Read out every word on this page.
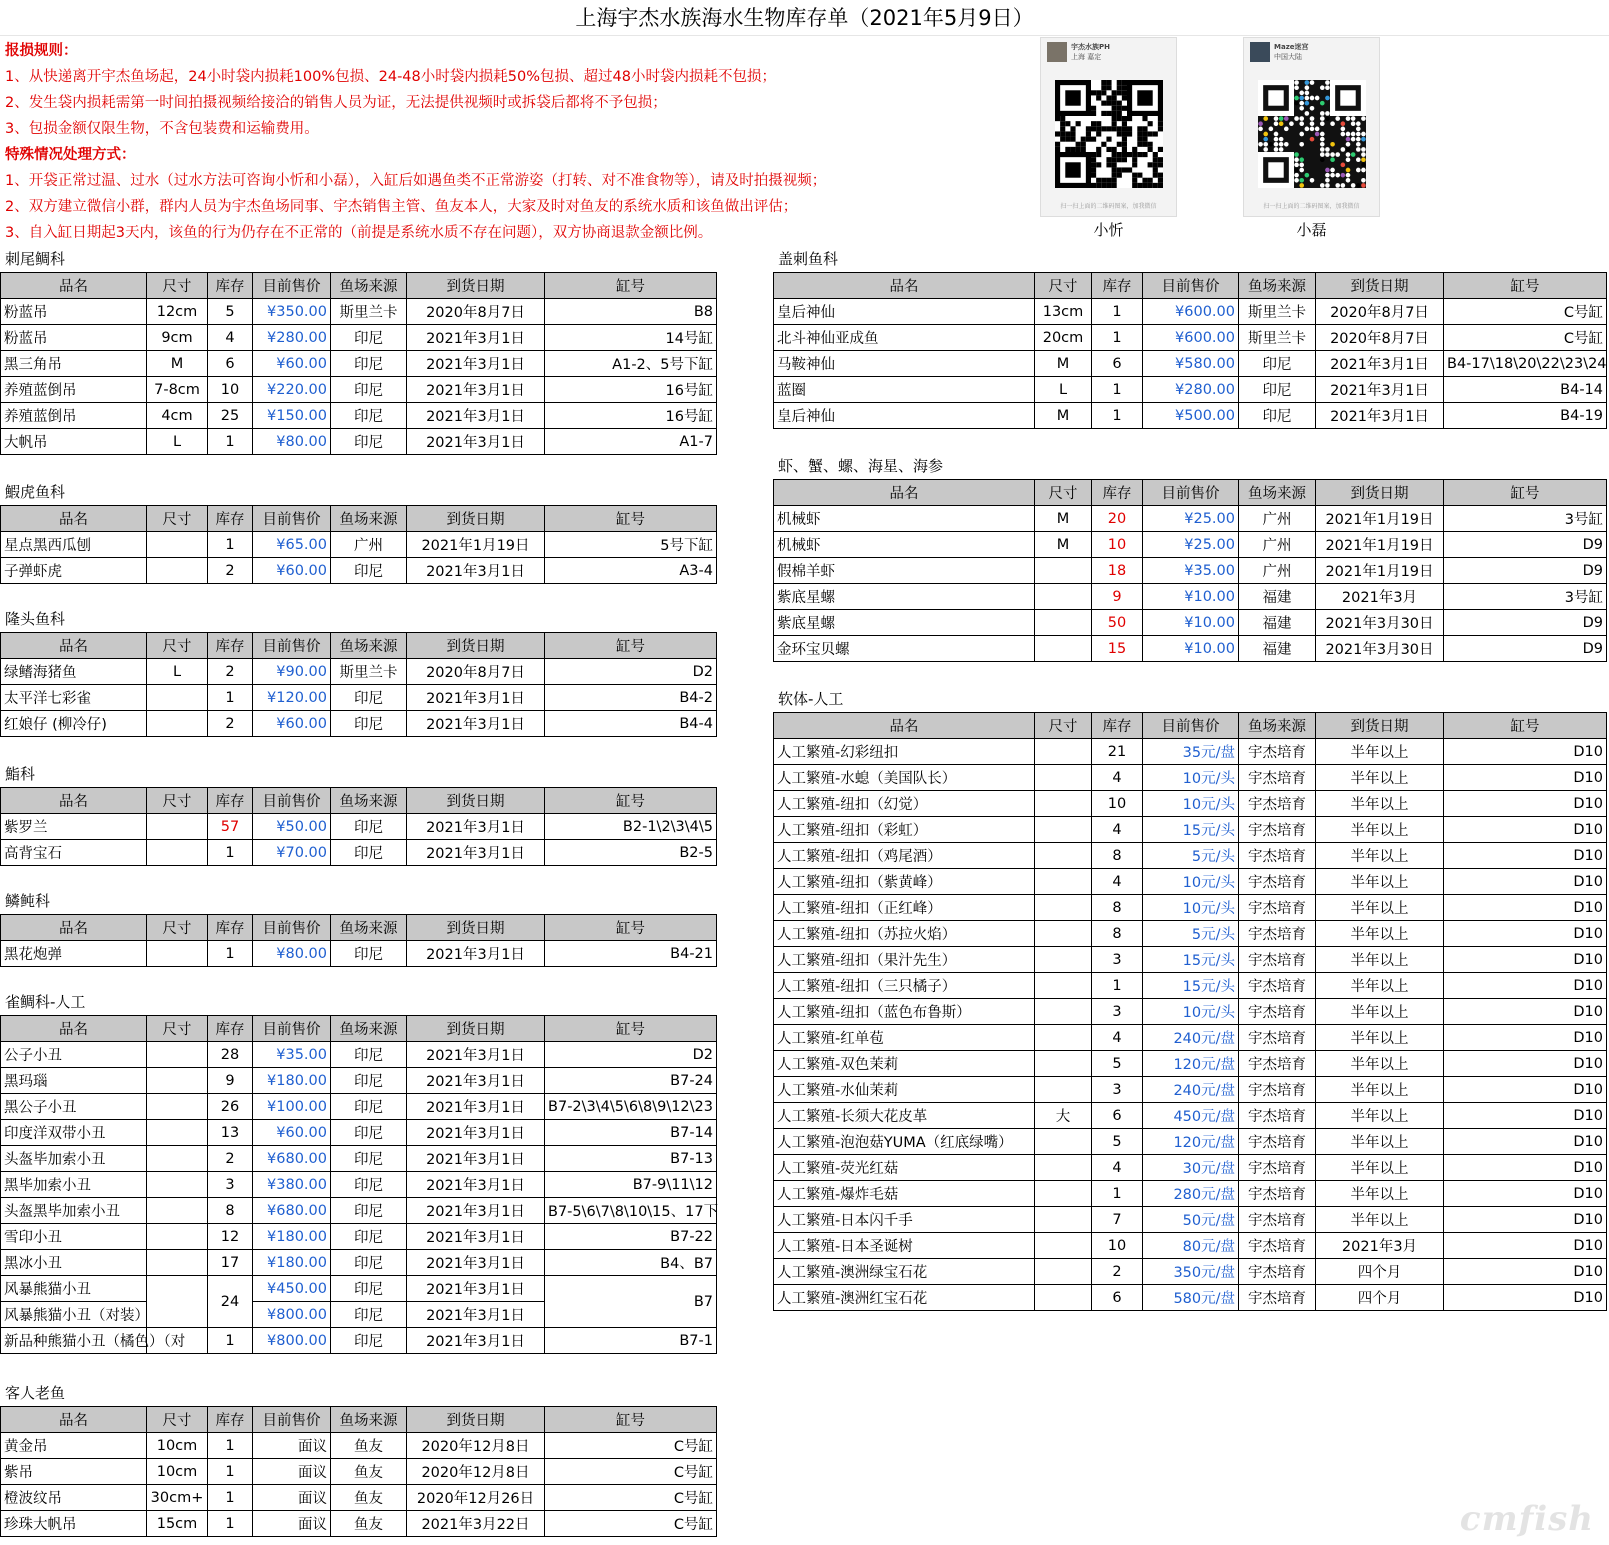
上海宇杰水族海水生物库存单（2021年5月9日）
报损规则：
1、从快递离开宇杰鱼场起，24小时袋内损耗100%包损、24-48小时袋内损耗50%包损、超过48小时袋内损耗不包损；
2、发生袋内损耗需第一时间拍摄视频给接洽的销售人员为证，无法提供视频时或拆袋后都将不予包损；
3、包损金额仅限生物，不含包装费和运输费用。
特殊情况处理方式：
1、开袋正常过温、过水（过水方法可咨询小忻和小磊），入缸后如遇鱼类不正常游姿（打转、对不准食物等），请及时拍摄视频；
2、双方建立微信小群，群内人员为宇杰鱼场同事、宇杰销售主管、鱼友本人，大家及时对鱼友的系统水质和该鱼做出评估；
3、自入缸日期起3天内，该鱼的行为仍存在不正常的（前提是系统水质不存在问题），双方协商退款金额比例。
宇杰水族PH
上海 嘉定
扫一扫上面的二维码图案，加我微信
Maze迷宫
中国大陆
扫一扫上面的二维码图案，加我微信
小忻	小磊
刺尾鲷科
品名	尺寸	库存	目前售价	鱼场来源	到货日期	缸号
粉蓝吊	12cm	5	¥350.00	斯里兰卡	2020年8月7日	B8
粉蓝吊	9cm	4	¥280.00	印尼	2021年3月1日	14号缸
黑三角吊	M	6	¥60.00	印尼	2021年3月1日	A1-2、5号下缸
养殖蓝倒吊	7-8cm	10	¥220.00	印尼	2021年3月1日	16号缸
养殖蓝倒吊	4cm	25	¥150.00	印尼	2021年3月1日	16号缸
大帆吊	L	1	¥80.00	印尼	2021年3月1日	A1-7
鰕虎鱼科
品名	尺寸	库存	目前售价	鱼场来源	到货日期	缸号
星点黑西瓜刨		1	¥65.00	广州	2021年1月19日	5号下缸
子弹虾虎		2	¥60.00	印尼	2021年3月1日	A3-4
隆头鱼科
品名	尺寸	库存	目前售价	鱼场来源	到货日期	缸号
绿鳍海猪鱼	L	2	¥90.00	斯里兰卡	2020年8月7日	D2
太平洋七彩雀		1	¥120.00	印尼	2021年3月1日	B4-2
红娘仔 (柳冷仔)		2	¥60.00	印尼	2021年3月1日	B4-4
鮨科
品名	尺寸	库存	目前售价	鱼场来源	到货日期	缸号
紫罗兰		57	¥50.00	印尼	2021年3月1日	B2-1\2\3\4\5
高背宝石		1	¥70.00	印尼	2021年3月1日	B2-5
鳞鲀科
品名	尺寸	库存	目前售价	鱼场来源	到货日期	缸号
黑花炮弹		1	¥80.00	印尼	2021年3月1日	B4-21
雀鲷科-人工
品名	尺寸	库存	目前售价	鱼场来源	到货日期	缸号
公子小丑		28	¥35.00	印尼	2021年3月1日	D2
黑玛瑙		9	¥180.00	印尼	2021年3月1日	B7-24
黑公子小丑		26	¥100.00	印尼	2021年3月1日	B7-2\3\4\5\6\8\9\12\23
印度洋双带小丑		13	¥60.00	印尼	2021年3月1日	B7-14
头盔毕加索小丑		2	¥680.00	印尼	2021年3月1日	B7-13
黑毕加索小丑		3	¥380.00	印尼	2021年3月1日	B7-9\11\12
头盔黑毕加索小丑		8	¥680.00	印尼	2021年3月1日	B7-5\6\7\8\10\15、17下
雪印小丑		12	¥180.00	印尼	2021年3月1日	B7-22
黑冰小丑		17	¥180.00	印尼	2021年3月1日	B4、B7
风暴熊猫小丑		24	¥450.00	印尼	2021年3月1日	B7
风暴熊猫小丑（对装）			¥800.00	印尼	2021年3月1日	
新品种熊猫小丑（橘色）（对		1	¥800.00	印尼	2021年3月1日	B7-1
客人老鱼
品名	尺寸	库存	目前售价	鱼场来源	到货日期	缸号
黄金吊	10cm	1	面议	鱼友	2020年12月8日	C号缸
紫吊	10cm	1	面议	鱼友	2020年12月8日	C号缸
橙波纹吊	30cm+	1	面议	鱼友	2020年12月26日	C号缸
珍珠大帆吊	15cm	1	面议	鱼友	2021年3月22日	C号缸
盖刺鱼科
品名	尺寸	库存	目前售价	鱼场来源	到货日期	缸号
皇后神仙	13cm	1	¥600.00	斯里兰卡	2020年8月7日	C号缸
北斗神仙亚成鱼	20cm	1	¥600.00	斯里兰卡	2020年8月7日	C号缸
马鞍神仙	M	6	¥580.00	印尼	2021年3月1日	B4-17\18\20\22\23\24
蓝圈	L	1	¥280.00	印尼	2021年3月1日	B4-14
皇后神仙	M	1	¥500.00	印尼	2021年3月1日	B4-19
虾、蟹、螺、海星、海参
品名	尺寸	库存	目前售价	鱼场来源	到货日期	缸号
机械虾	M	20	¥25.00	广州	2021年1月19日	3号缸
机械虾	M	10	¥25.00	广州	2021年1月19日	D9
假棉羊虾		18	¥35.00	广州	2021年1月19日	D9
紫底星螺		9	¥10.00	福建	2021年3月	3号缸
紫底星螺		50	¥10.00	福建	2021年3月30日	D9
金环宝贝螺		15	¥10.00	福建	2021年3月30日	D9
软体-人工
品名	尺寸	库存	目前售价	鱼场来源	到货日期	缸号
人工繁殖-幻彩纽扣		21	35元/盘	宇杰培育	半年以上	D10
人工繁殖-水螅（美国队长）		4	10元/头	宇杰培育	半年以上	D10
人工繁殖-纽扣（幻觉）		10	10元/头	宇杰培育	半年以上	D10
人工繁殖-纽扣（彩虹）		4	15元/头	宇杰培育	半年以上	D10
人工繁殖-纽扣（鸡尾酒）		8	5元/头	宇杰培育	半年以上	D10
人工繁殖-纽扣（紫黄峰）		4	10元/头	宇杰培育	半年以上	D10
人工繁殖-纽扣（正红峰）		8	10元/头	宇杰培育	半年以上	D10
人工繁殖-纽扣（苏拉火焰）		8	5元/头	宇杰培育	半年以上	D10
人工繁殖-纽扣（果汁先生）		3	15元/头	宇杰培育	半年以上	D10
人工繁殖-纽扣（三只橘子）		1	15元/头	宇杰培育	半年以上	D10
人工繁殖-纽扣（蓝色布鲁斯）		3	10元/头	宇杰培育	半年以上	D10
人工繁殖-红单苞		4	240元/盘	宇杰培育	半年以上	D10
人工繁殖-双色茉莉		5	120元/盘	宇杰培育	半年以上	D10
人工繁殖-水仙茉莉		3	240元/盘	宇杰培育	半年以上	D10
人工繁殖-长须大花皮革	大	6	450元/盘	宇杰培育	半年以上	D10
人工繁殖-泡泡菇YUMA（红底绿嘴）		5	120元/盘	宇杰培育	半年以上	D10
人工繁殖-荧光红菇		4	30元/盘	宇杰培育	半年以上	D10
人工繁殖-爆炸毛菇		1	280元/盘	宇杰培育	半年以上	D10
人工繁殖-日本闪千手		7	50元/盘	宇杰培育	半年以上	D10
人工繁殖-日本圣诞树		10	80元/盘	宇杰培育	2021年3月	D10
人工繁殖-澳洲绿宝石花		2	350元/盘	宇杰培育	四个月	D10
人工繁殖-澳洲红宝石花		6	580元/盘	宇杰培育	四个月	D10
cmfish
